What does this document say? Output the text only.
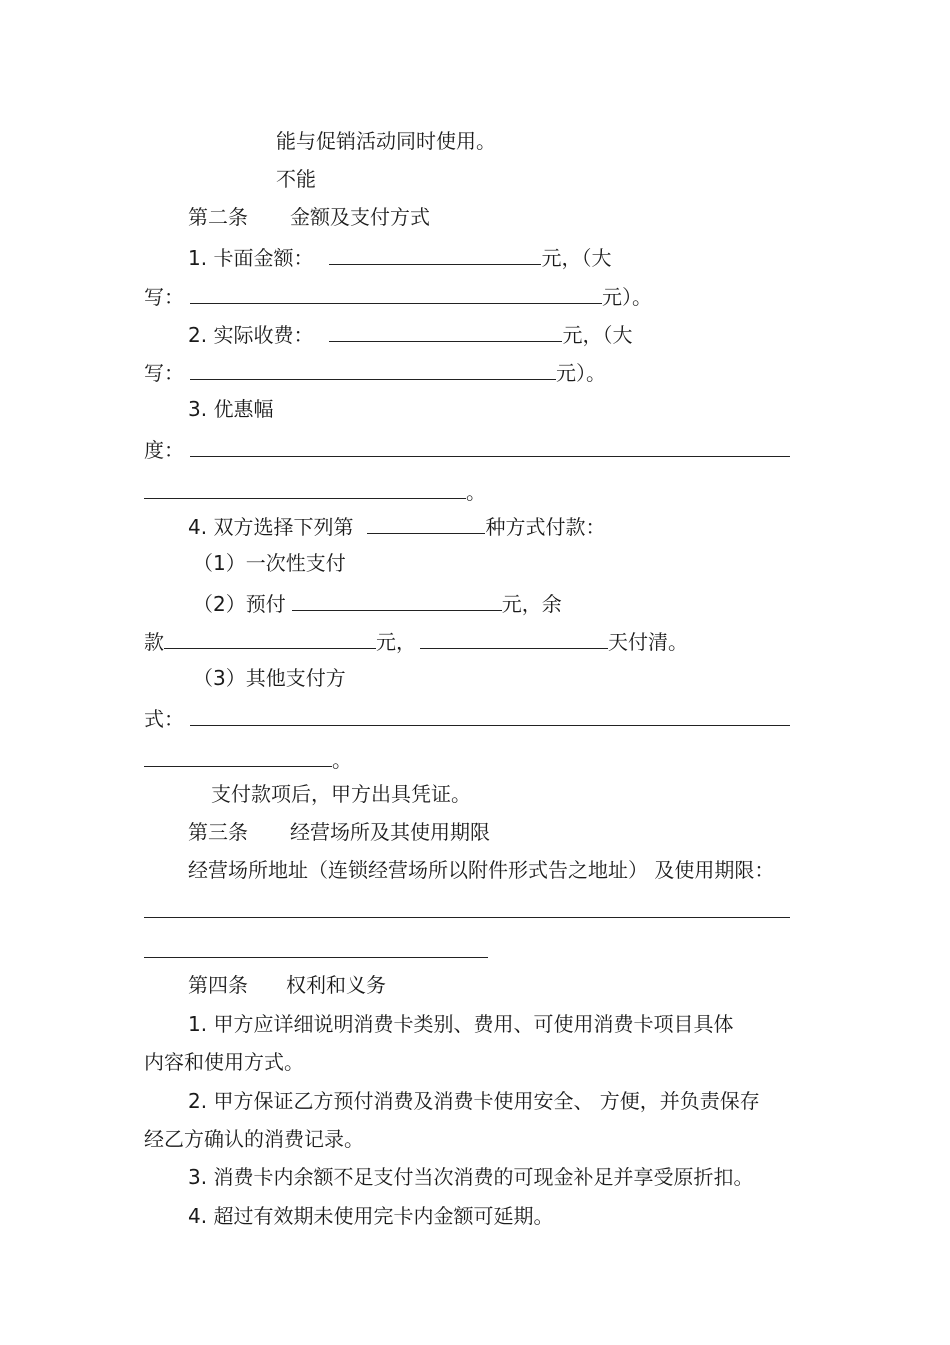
能与促销活动同时使用。
不能
第二条 金额及支付方式
1. 卡面金额：	元，（大
写：	元）。
2. 实际收费：	元，（大
写：	元）。
3. 优惠幅
度：
。
4. 双方选择下列第	种方式付款：
（1）一次性支付
（2）预付	元，余
款	元，	天付清。
（3）其他支付方
式：
。
支付款项后，甲方出具凭证。
第三条 经营场所及其使用期限
经营场所地址（连锁经营场所以附件形式告之地址） 及使用期限：
第四条 权利和义务
1. 甲方应详细说明消费卡类别、费用、可使用消费卡项目具体
内容和使用方式。
2. 甲方保证乙方预付消费及消费卡使用安全、 方便，并负责保存
经乙方确认的消费记录。
3. 消费卡内余额不足支付当次消费的可现金补足并享受原折扣。
4. 超过有效期未使用完卡内金额可延期。
